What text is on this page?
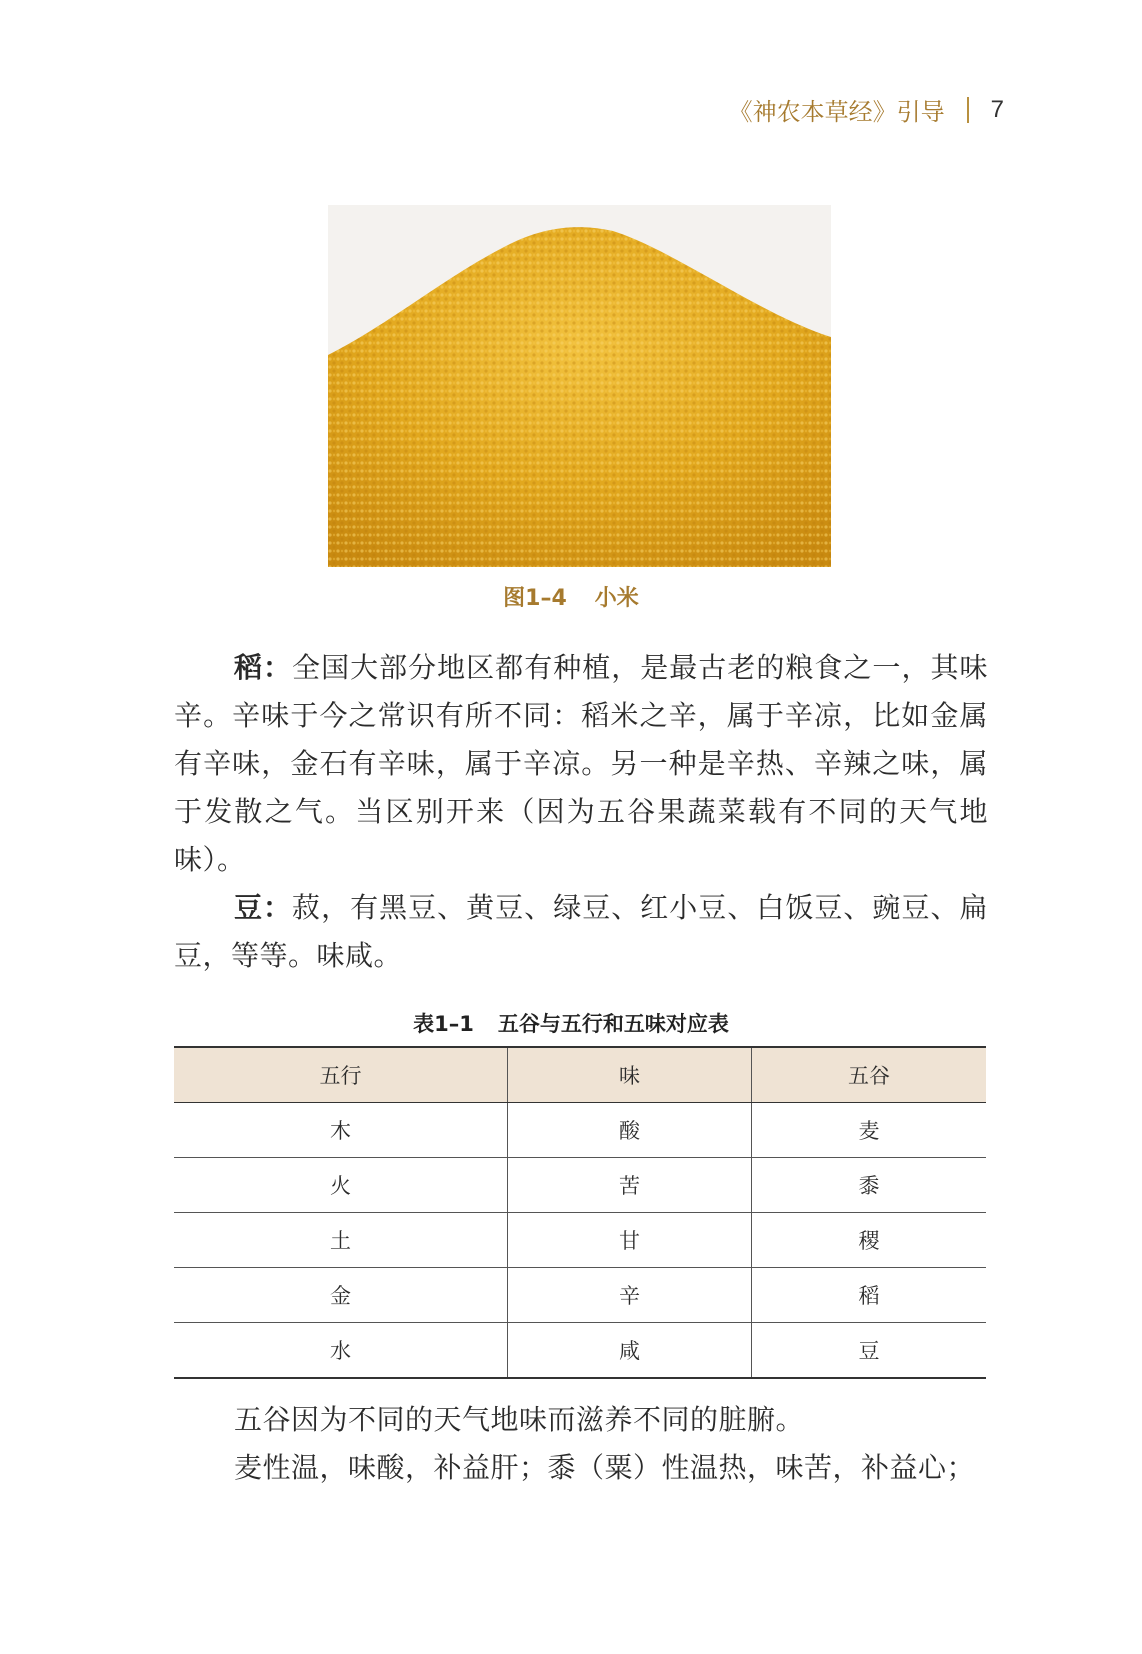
《神农本草经》引导 7
图1–4 小米

稻：全国大部分地区都有种植，是最古老的粮食之一，其味辛。辛味于今之常识有所不同：稻米之辛，属于辛凉，比如金属有辛味，金石有辛味，属于辛凉。另一种是辛热、辛辣之味，属于发散之气。当区别开来（因为五谷果蔬菜载有不同的天气地味）。

豆：菽，有黑豆、黄豆、绿豆、红小豆、白饭豆、豌豆、扁豆，等等。味咸。

表1–1 五谷与五行和五味对应表
五行	味	五谷
木	酸	麦
火	苦	黍
土	甘	稷
金	辛	稻
水	咸	豆

五谷因为不同的天气地味而滋养不同的脏腑。

麦性温，味酸，补益肝；黍（粟）性温热，味苦，补益心；
